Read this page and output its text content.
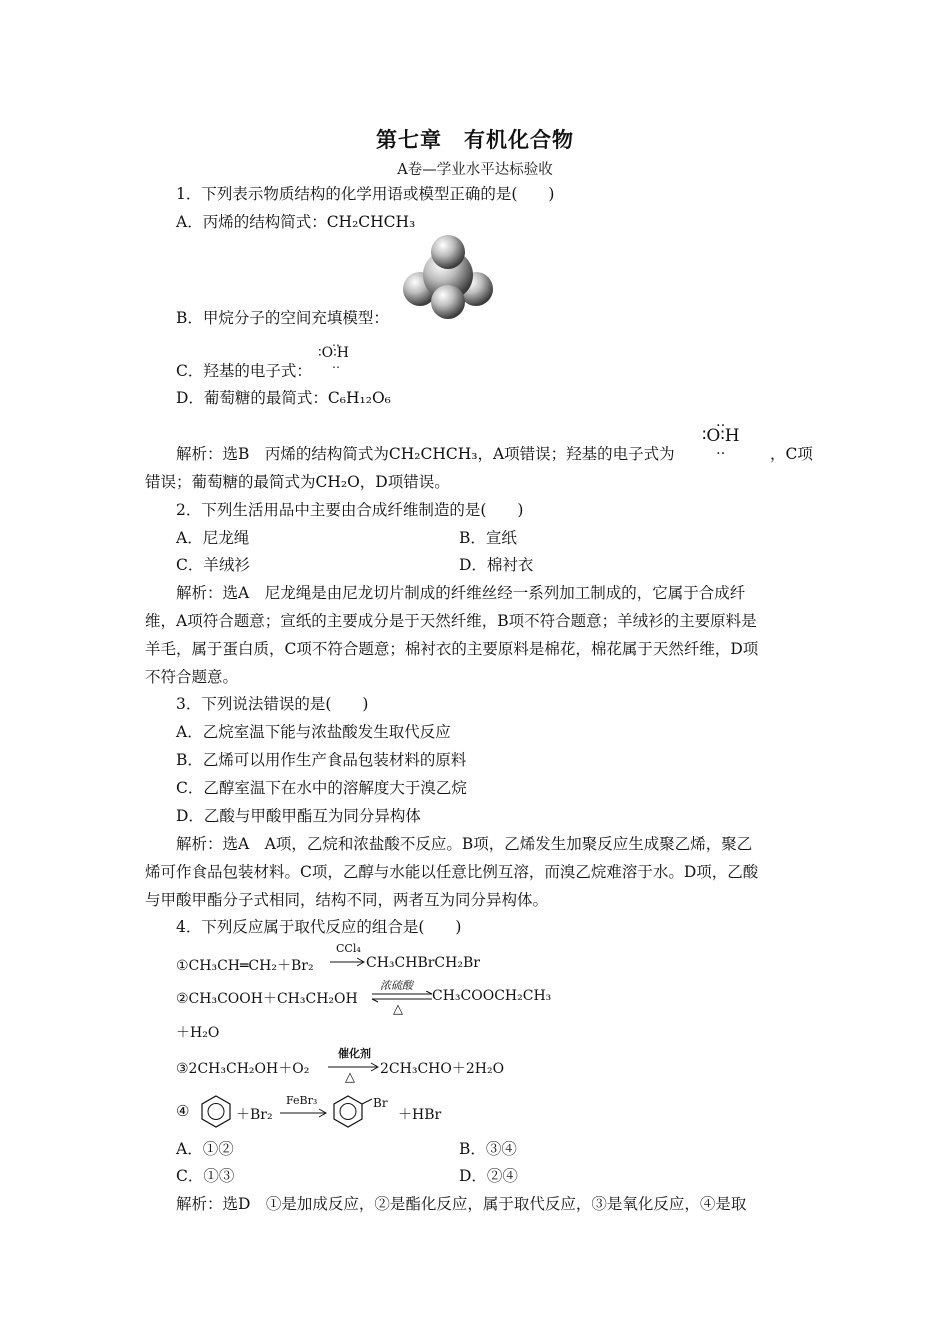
第七章　有机化合物
A卷—学业水平达标验收
1．下列表示物质结构的化学用语或模型正确的是(　　)
A．丙烯的结构简式：CH₂CHCH₃
B．甲烷分子的空间充填模型：
C．羟基的电子式：
‥
∶O∶H
‥
D．葡萄糖的最简式：C₆H₁₂O₆
解析：选B　丙烯的结构简式为CH₂CHCH₃，A项错误；羟基的电子式为
‥
∶O∶H
‥	，C项
错误；葡萄糖的最简式为CH₂O，D项错误。
2．下列生活用品中主要由合成纤维制造的是(　　)
A．尼龙绳	B．宣纸
C．羊绒衫	D．棉衬衣
解析：选A　尼龙绳是由尼龙切片制成的纤维丝经一系列加工制成的，它属于合成纤
维，A项符合题意；宣纸的主要成分是于天然纤维，B项不符合题意；羊绒衫的主要原料是
羊毛，属于蛋白质，C项不符合题意；棉衬衣的主要原料是棉花，棉花属于天然纤维，D项
不符合题意。
3．下列说法错误的是(　　)
A．乙烷室温下能与浓盐酸发生取代反应
B．乙烯可以用作生产食品包装材料的原料
C．乙醇室温下在水中的溶解度大于溴乙烷
D．乙酸与甲酸甲酯互为同分异构体
解析：选A　A项，乙烷和浓盐酸不反应。B项，乙烯发生加聚反应生成聚乙烯，聚乙
烯可作食品包装材料。C项，乙醇与水能以任意比例互溶，而溴乙烷难溶于水。D项，乙酸
与甲酸甲酯分子式相同，结构不同，两者互为同分异构体。
4．下列反应属于取代反应的组合是(　　)
①CH₃CH═CH₂＋Br₂
CCl₄
CH₃CHBrCH₂Br
②CH₃COOH＋CH₃CH₂OH
浓硫酸
△
CH₃COOCH₂CH₃
＋H₂O
③2CH₃CH₂OH＋O₂
催化剂
△
2CH₃CHO＋2H₂O
④	＋Br₂
FeBr₃	Br
＋HBr
A．①②	B．③④
C．①③	D．②④
解析：选D　①是加成反应，②是酯化反应，属于取代反应，③是氧化反应，④是取
